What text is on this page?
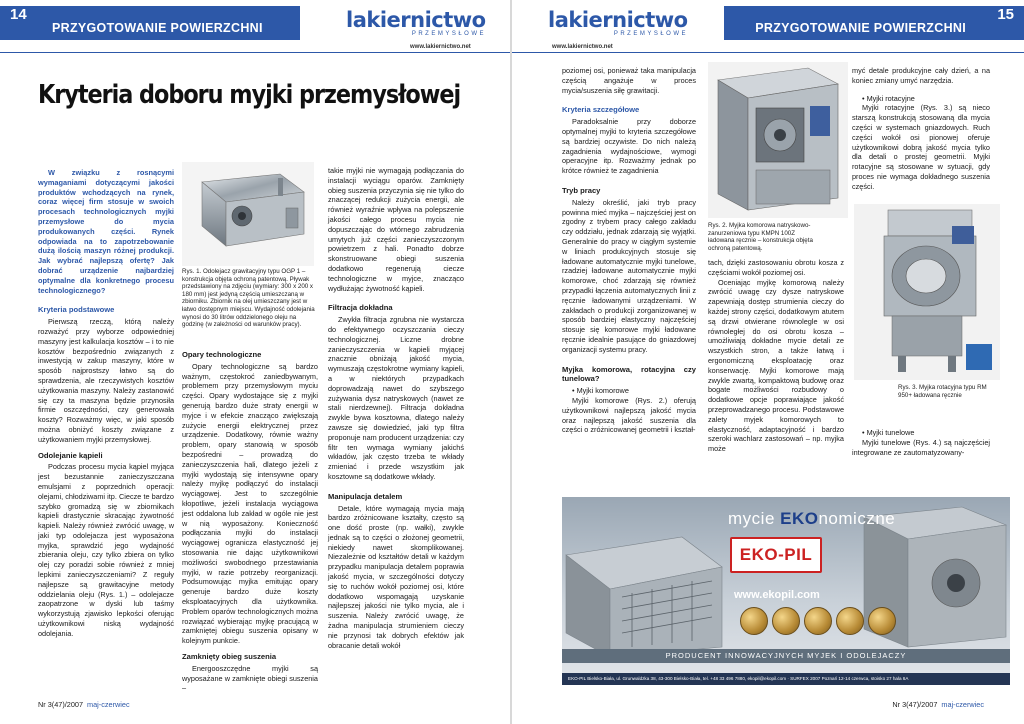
14
PRZYGOTOWANIE POWIERZCHNI	lakiernictwo
PRZEMYSŁOWE
www.lakiernictwo.net
Kryteria doboru myjki przemysłowej

W związku z rosnącymi wymaganiami dotyczącymi jakości produktów wchodzących na rynek, coraz więcej firm stosuje w swoich procesach technologicznych myjki przemysłowe do mycia produkowanych części. Rynek odpowiada na to zapotrzebowanie dużą ilością maszyn różnej produkcji. Jak wybrać najlepszą ofertę? Jak dobrać urządzenie najbardziej optymalne dla konkretnego procesu technologicznego?

Kryteria podstawowe

Pierwszą rzeczą, którą należy rozważyć przy wyborze odpowiedniej maszyny jest kalkulacja kosztów – i to nie kosztów bezpośrednio związanych z inwestycją w zakup maszyny, które w sposób najprostszy łatwo są do sprawdzenia, ale rzeczywistych kosztów użytkowania maszyny. Należy zastanowić się czy ta maszyna będzie przynosiła firmie oszczędności, czy generowała koszty? Rozważmy więc, w jaki sposób można obniżyć koszty związane z użytkowaniem myjki przemysłowej.

Odolejanie kąpieli

Podczas procesu mycia kąpiel myjąca jest bezustannie zanieczyszczana emulsjami z poprzednich operacji: olejami, chłodziwami itp. Ciecze te bardzo szybko gromadzą się w zbiornikach kąpieli drastycznie skracając żywotność kąpieli. Należy również zwrócić uwagę, w jaki typ odolejacza jest wyposażona myjka, sprawdzić jego wydajność zbierania oleju, czy tylko zbiera on tylko olej czy poradzi sobie również z mniej lepkimi zanieczyszczeniami? Z reguły najlepsze są grawitacyjne metody oddzielania oleju (Rys. 1.) – odolejacze zaopatrzone w dyski lub taśmy wykorzystują zjawisko lepkości oferując użytkownikowi niską wydajność odolejania.

Rys. 1. Odolejacz grawitacyjny typu OGP 1 – konstrukcja objęta ochroną patentową. Pływak przedstawiony na zdjęciu (wymiary: 300 x 200 x 180 mm) jest jedyną częścią umieszczaną w zbiorniku. Zbiornik na olej umieszczany jest w łatwo dostępnym miejscu. Wydajność odolejania wynosi do 30 litrów oddzielonego oleju na godzinę (w zależności od warunków pracy).
Opary technologiczne

Opary technologiczne są bardzo ważnym, częstokroć zaniedbywanym, problemem przy przemysłowym myciu części. Opary wydostające się z myjki generują bardzo duże straty energii w myjce i w efekcie znacząco zwiększają zużycie energii elektrycznej przez urządzenie. Dodatkowy, równie ważny problem, opary stanowią w sposób bezpośredni – prowadzą do zanieczyszczenia hali, dlatego jeżeli z myjki wydostają się intensywne opary należy myjkę podłączyć do instalacji wyciągowej. Jest to szczególnie kłopotliwe, jeżeli instalacja wyciągowa jest oddalona lub zakład w ogóle nie jest w nią wyposażony. Konieczność podłączania myjki do instalacji wyciągowej ogranicza elastyczność jej stosowania nie dając użytkownikowi możliwości swobodnego przestawiania myjki, w razie potrzeby reorganizacji. Podsumowując myjka emitując opary generuje bardzo duże koszty eksploatacyjnych dla użytkownika. Problem oparów technologicznych można rozwiązać wybierając myjkę pracującą w zamkniętej obiegu suszenia opisany w kolejnym punkcie.

Zamknięty obieg suszenia

Energooszczędne myjki są wyposażane w zamknięte obiegi suszenia –

takie myjki nie wymagają podłączania do instalacji wyciągu oparów. Zamknięty obieg suszenia przyczynia się nie tylko do znaczącej redukcji zużycia energii, ale również wyraźnie wpływa na polepszenie jakości całego procesu mycia nie dopuszczając do wtórnego zabrudzenia umytych już części zanieczyszczonym powietrzem z hali. Ponadto dobrze skonstruowane obiegi suszenia dodatkowo regenerują ciecze technologiczne w myjce, znacząco wydłużając żywotność kąpieli.

Filtracja dokładna

Zwykła filtracja zgrubna nie wystarcza do efektywnego oczyszczania cieczy technologicznej. Liczne drobne zanieczyszczenia w kąpieli myjącej znacznie obniżają jakość mycia, wymuszają częstokrotne wymiany kąpieli, a w niektórych przypadkach doprowadzają nawet do szybszego zużywania dysz natryskowych (nawet ze stali nierdzewnej). Filtracja dokładna zwykle bywa kosztowna, dlatego należy zawsze się dowiedzieć, jaki typ filtra proponuje nam producent urządzenia: czy filtr ten wymaga wymiany jakichś wkładów, jak często trzeba te wkłady zmieniać i przede wszystkim jak kosztowne są dodatkowe wkłady.

Manipulacja detalem

Detale, które wymagają mycia mają bardzo zróżnicowane kształty, często są one dość proste (np. wałki), zwykle jednak są to części o złożonej geometrii, niekiedy nawet skomplikowanej. Niezależnie od kształtów detali w każdym przypadku manipulacja detalem poprawia jakość mycia, w szczególności dotyczy się to ruchów wokół poziomej osi, które dodatkowo wspomagają uzyskanie najlepszej jakości nie tylko mycia, ale i suszenia. Należy zwrócić uwagę, że żadna manipulacja strumieniem cieczy nie przynosi tak dobrych efektów jak obracanie detali wokół

Nr 3(47)/2007 maj-czerwiec
15
PRZYGOTOWANIE POWIERZCHNI
lakiernictwo
PRZEMYSŁOWE
www.lakiernictwo.net

poziomej osi, ponieważ taka manipulacja częścią angażuje w proces mycia/suszenia siłę grawitacji.

Kryteria szczegółowe

Paradoksalnie przy doborze optymalnej myjki to kryteria szczegółowe są bardziej oczywiste. Do nich należą zagadnienia wydajnościowe, wymogi operacyjne itp. Rozważmy jednak po krótce również te zagadnienia

Tryb pracy

Należy określić, jaki tryb pracy powinna mieć myjka – najczęściej jest on zgodny z trybem pracy całego zakładu czy oddziału, jednak zdarzają się wyjątki. Generalnie do pracy w ciągłym systemie w liniach produkcyjnych stosuje się ładowane automatycznie myjki tunelowe, rzadziej ładowane automatycznie myjki komorowe, choć zdarzają się również przypadki łączenia automatycznych linii z ręcznie ładowanymi urządzeniami. W zakładach o produkcji zorganizowanej w sposób bardziej elastyczny najczęściej stosuje się komorowe myjki ładowane ręcznie idealnie pasujące do gniazdowej organizacji systemu pracy.

Myjka komorowa, rotacyjna czy tunelowa?

• Myjki komorowe

Myjki komorowe (Rys. 2.) oferują użytkownikowi najlepszą jakość mycia oraz najlepszą jakość suszenia dla części o zróżnicowanej geometrii i kształ-

Rys. 2. Myjka komorowa natryskowo-zanurzeniowa typu KMPN 100Z ładowana ręcznie – konstrukcja objęta ochroną patentową.

tach, dzięki zastosowaniu obrotu kosza z częściami wokół poziomej osi.

Oceniając myjkę komorową należy zwrócić uwagę czy dysze natryskowe zapewniają dostęp strumienia cieczy do każdej strony części, dodatkowym atutem są drzwi otwierane równolegle w osi równoległej do osi obrotu kosza – umożliwiają dokładne mycie detali ze wszystkich stron, a także łatwą i ergonomiczną eksploatację oraz konserwację. Myjki komorowe mają zwykle zwartą, kompaktową budowę oraz bogate możliwości rozbudowy o dodatkowe opcje poprawiające jakość przeprowadzanego procesu. Podstawowe zalety myjek komorowych to elastyczność, adaptacyjność i bardzo szeroki wachlarz zastosowań – np. myjka może

myć detale produkcyjne cały dzień, a na koniec zmiany umyć narzędzia.

• Myjki rotacyjne

Myjki rotacyjne (Rys. 3.) są nieco starszą konstrukcją stosowaną dla mycia części w systemach gniazdowych. Ruch części wokół osi pionowej oferuje użytkownikowi dobrą jakość mycia tylko dla detali o prostej geometrii. Myjki rotacyjne są stosowane w sytuacji, gdy proces nie wymaga dokładnego suszenia części.

Rys. 3. Myjka rotacyjna typu RM 950+ ładowana ręcznie

• Myjki tunelowe

Myjki tunelowe (Rys. 4.) są najczęściej integrowane ze zautomatyzowany-

Nr 3(47)/2007 maj-czerwiec
mycie EKOnomiczne
EKO-PIL
www.ekopil.com
PRODUCENT INNOWACYJNYCH MYJEK I ODOLEJACZY
EKO-PIL Bielsko-Biała, ul. Grunwaldzka 38, 43-300 Bielsko-Biała, tel. +48 33 496 7880, ekopil@ekopil.com · SURFEX 2007 Poznań 12-14 czerwca, stoisko 27 hala 6A
